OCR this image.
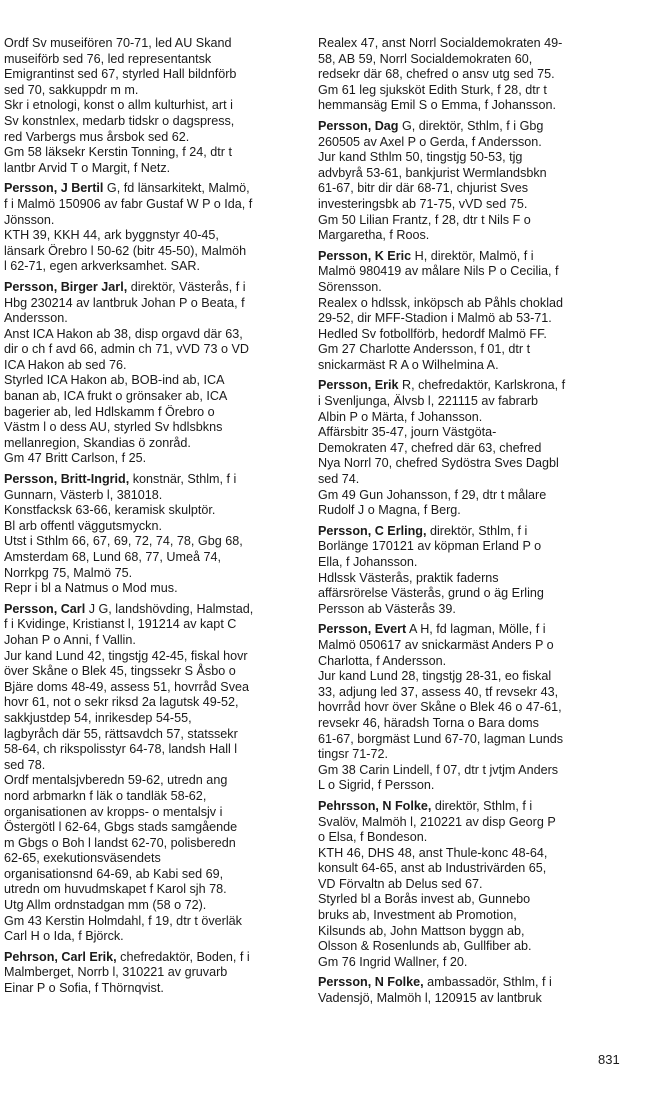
Ordf Sv museifören 70-71, led AU Skand
museiförb sed 76, led representantsk
Emigrantinst sed 67, styrled Hall bildnförb
sed 70, sakkuppdr m m.
Skr i etnologi, konst o allm kulturhist, art i
Sv konstnlex, medarb tidskr o dagspress,
red Varbergs mus årsbok sed 62.
Gm 58 läksekr Kerstin Tonning, f 24, dtr t
lantbr Arvid T o Margit, f Netz.

Persson, J Bertil G, fd länsarkitekt, Malmö,
f i Malmö 150906 av fabr Gustaf W P o Ida, f
Jönsson.

KTH 39, KKH 44, ark byggnstyr 40-45,
länsark Örebro l 50-62 (bitr 45-50), Malmöh
l 62-71, egen arkverksamhet. SAR.

Persson, Birger Jarl, direktör, Västerås, f i
Hbg 230214 av lantbruk Johan P o Beata, f
Andersson.

Anst ICA Hakon ab 38, disp orgavd där 63,
dir o ch f avd 66, admin ch 71, vVD 73 o VD
ICA Hakon ab sed 76.
Styrled ICA Hakon ab, BOB-ind ab, ICA
banan ab, ICA frukt o grönsaker ab, ICA
bagerier ab, led Hdlskamm f Örebro o
Västm l o dess AU, styrled Sv hdlsbkns
mellanregion, Skandias ö zonråd.
Gm 47 Britt Carlson, f 25.

Persson, Britt-Ingrid, konstnär, Sthlm, f i
Gunnarn, Västerb l, 381018.

Konstfacksk 63-66, keramisk skulptör.
Bl arb offentl väggutsmyckn.
Utst i Sthlm 66, 67, 69, 72, 74, 78, Gbg 68,
Amsterdam 68, Lund 68, 77, Umeå 74,
Norrkpg 75, Malmö 75.
Repr i bl a Natmus o Mod mus.

Persson, Carl J G, landshövding, Halmstad,
f i Kvidinge, Kristianst l, 191214 av kapt C
Johan P o Anni, f Vallin.

Jur kand Lund 42, tingstjg 42-45, fiskal hovr
över Skåne o Blek 45, tingssekr S Åsbo o
Bjäre doms 48-49, assess 51, hovrråd Svea
hovr 61, not o sekr riksd 2a lagutsk 49-52,
sakkjustdep 54, inrikesdep 54-55,
lagbyråch där 55, rättsavdch 57, statssekr
58-64, ch rikspolisstyr 64-78, landsh Hall l
sed 78.
Ordf mentalsjvberedn 59-62, utredn ang
nord arbmarkn f läk o tandläk 58-62,
organisationen av kropps- o mentalsjv i
Östergötl l 62-64, Gbgs stads samgående
m Gbgs o Boh l landst 62-70, polisberedn
62-65, exekutionsväsendets
organisationsnd 64-69, ab Kabi sed 69,
utredn om huvudmskapet f Karol sjh 78.
Utg Allm ordnstadgan mm (58 o 72).
Gm 43 Kerstin Holmdahl, f 19, dtr t överläk
Carl H o Ida, f Björck.

Pehrson, Carl Erik, chefredaktör, Boden, f i
Malmberget, Norrb l, 310221 av gruvarb
Einar P o Sofia, f Thörnqvist.

Realex 47, anst Norrl Socialdemokraten 49-
58, AB 59, Norrl Socialdemokraten 60,
redsekr där 68, chefred o ansv utg sed 75.
Gm 61 leg sjuksköt Edith Sturk, f 28, dtr t
hemmansäg Emil S o Emma, f Johansson.

Persson, Dag G, direktör, Sthlm, f i Gbg
260505 av Axel P o Gerda, f Andersson.

Jur kand Sthlm 50, tingstjg 50-53, tjg
advbyrå 53-61, bankjurist Wermlandsbkn
61-67, bitr dir där 68-71, chjurist Sves
investeringsbk ab 71-75, vVD sed 75.
Gm 50 Lilian Frantz, f 28, dtr t Nils F o
Margaretha, f Roos.

Persson, K Eric H, direktör, Malmö, f i
Malmö 980419 av målare Nils P o Cecilia, f
Sörensson.

Realex o hdlssk, inköpsch ab Påhls choklad
29-52, dir MFF-Stadion i Malmö ab 53-71.
Hedled Sv fotbollförb, hedordf Malmö FF.
Gm 27 Charlotte Andersson, f 01, dtr t
snickarmäst R A o Wilhelmina A.

Persson, Erik R, chefredaktör, Karlskrona, f
i Svenljunga, Älvsb l, 221115 av fabrarb
Albin P o Märta, f Johansson.

Affärsbitr 35-47, journ Västgöta-
Demokraten 47, chefred där 63, chefred
Nya Norrl 70, chefred Sydöstra Sves Dagbl
sed 74.
Gm 49 Gun Johansson, f 29, dtr t målare
Rudolf J o Magna, f Berg.

Persson, C Erling, direktör, Sthlm, f i
Borlänge 170121 av köpman Erland P o
Ella, f Johansson.

Hdlssk Västerås, praktik faderns
affärsrörelse Västerås, grund o äg Erling
Persson ab Västerås 39.

Persson, Evert A H, fd lagman, Mölle, f i
Malmö 050617 av snickarmäst Anders P o
Charlotta, f Andersson.

Jur kand Lund 28, tingstjg 28-31, eo fiskal
33, adjung led 37, assess 40, tf revsekr 43,
hovrråd hovr över Skåne o Blek 46 o 47-61,
revsekr 46, häradsh Torna o Bara doms
61-67, borgmäst Lund 67-70, lagman Lunds
tingsr 71-72.
Gm 38 Carin Lindell, f 07, dtr t jvtjm Anders
L o Sigrid, f Persson.

Pehrsson, N Folke, direktör, Sthlm, f i
Svalöv, Malmöh l, 210221 av disp Georg P
o Elsa, f Bondeson.

KTH 46, DHS 48, anst Thule-konc 48-64,
konsult 64-65, anst ab Industrivärden 65,
VD Förvaltn ab Delus sed 67.
Styrled bl a Borås invest ab, Gunnebo
bruks ab, Investment ab Promotion,
Kilsunds ab, John Mattson byggn ab,
Olsson & Rosenlunds ab, Gullfiber ab.
Gm 76 Ingrid Wallner, f 20.

Persson, N Folke, ambassadör, Sthlm, f i
Vadensjö, Malmöh l, 120915 av lantbruk

831
